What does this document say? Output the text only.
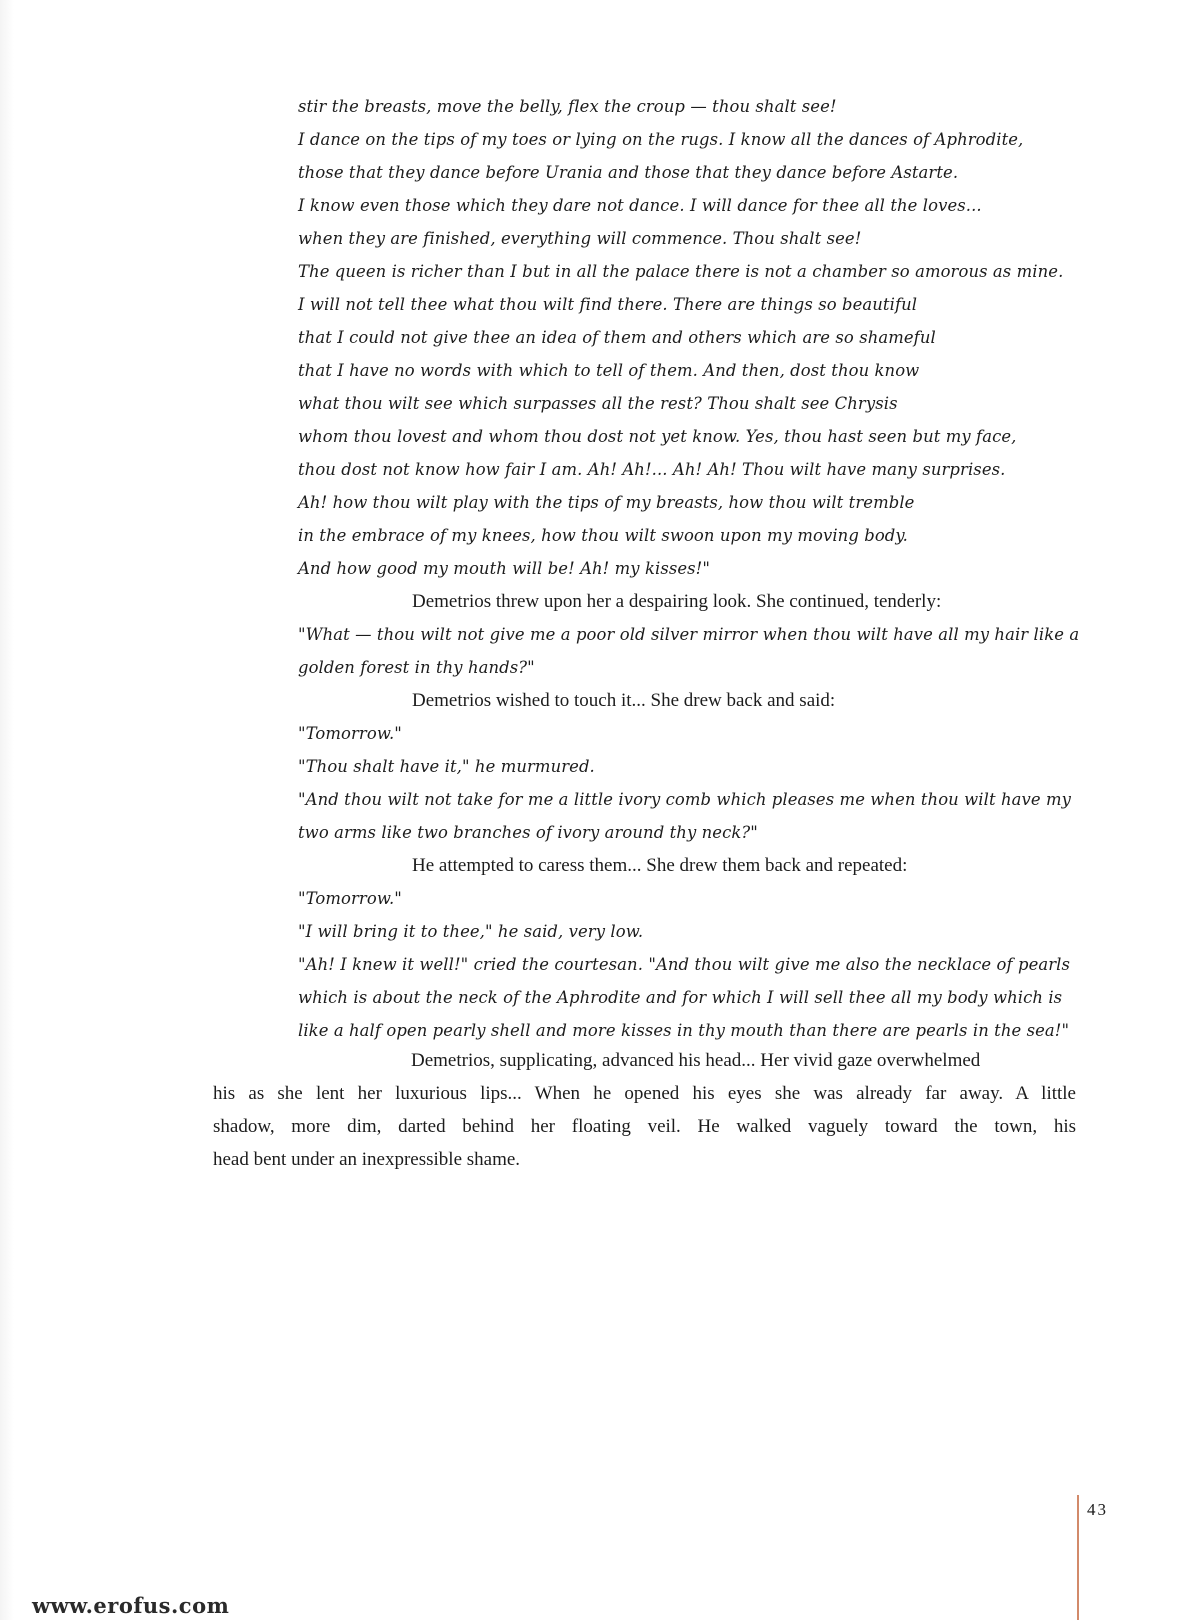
stir the breasts, move the belly, flex the croup — thou shalt see!
I dance on the tips of my toes or lying on the rugs. I know all the dances of Aphrodite,
those that they dance before Urania and those that they dance before Astarte.
I know even those which they dare not dance. I will dance for thee all the loves...
when they are finished, everything will commence. Thou shalt see!
The queen is richer than I but in all the palace there is not a chamber so amorous as mine.
I will not tell thee what thou wilt find there. There are things so beautiful
that I could not give thee an idea of them and others which are so shameful
that I have no words with which to tell of them. And then, dost thou know
what thou wilt see which surpasses all the rest? Thou shalt see Chrysis
whom thou lovest and whom thou dost not yet know. Yes, thou hast seen but my face,
thou dost not know how fair I am. Ah! Ah!... Ah! Ah! Thou wilt have many surprises.
Ah! how thou wilt play with the tips of my breasts, how thou wilt tremble
in the embrace of my knees, how thou wilt swoon upon my moving body.
And how good my mouth will be! Ah! my kisses!"
Demetrios threw upon her a despairing look. She continued, tenderly:
"What — thou wilt not give me a poor old silver mirror when thou wilt have all my hair like a
golden forest in thy hands?"
Demetrios wished to touch it... She drew back and said:
"Tomorrow."
"Thou shalt have it," he murmured.
"And thou wilt not take for me a little ivory comb which pleases me when thou wilt have my
two arms like two branches of ivory around thy neck?"
He attempted to caress them... She drew them back and repeated:
"Tomorrow."
"I will bring it to thee," he said, very low.
"Ah! I knew it well!" cried the courtesan. "And thou wilt give me also the necklace of pearls
which is about the neck of the Aphrodite and for which I will sell thee all my body which is
like a half open pearly shell and more kisses in thy mouth than there are pearls in the sea!"
Demetrios, supplicating, advanced his head... Her vivid gaze overwhelmed
his as she lent her luxurious lips... When he opened his eyes she was already far away. A little
shadow, more dim, darted behind her floating veil. He walked vaguely toward the town, his
head bent under an inexpressible shame.
43
www.erofus.com
